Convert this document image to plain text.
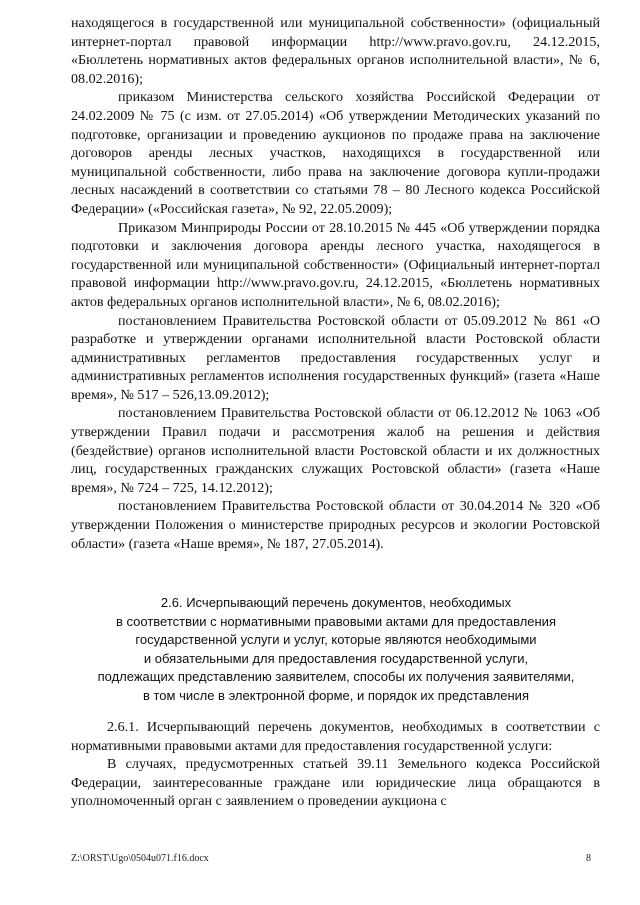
находящегося в государственной или муниципальной собственности» (официальный интернет-портал правовой информации http://www.pravo.gov.ru, 24.12.2015, «Бюллетень нормативных актов федеральных органов исполнительной власти», № 6, 08.02.2016);

приказом Министерства сельского хозяйства Российской Федерации от 24.02.2009 № 75 (с изм. от 27.05.2014) «Об утверждении Методических указаний по подготовке, организации и проведению аукционов по продаже права на заключение договоров аренды лесных участков, находящихся в государственной или муниципальной собственности, либо права на заключение договора купли-продажи лесных насаждений в соответствии со статьями 78 – 80 Лесного кодекса Российской Федерации» («Российская газета», № 92, 22.05.2009);

Приказом Минприроды России от 28.10.2015 № 445 «Об утверждении порядка подготовки и заключения договора аренды лесного участка, находящегося в государственной или муниципальной собственности» (Официальный интернет-портал правовой информации http://www.pravo.gov.ru, 24.12.2015, «Бюллетень нормативных актов федеральных органов исполнительной власти», № 6, 08.02.2016);

постановлением Правительства Ростовской области от 05.09.2012 № 861 «О разработке и утверждении органами исполнительной власти Ростовской области административных регламентов предоставления государственных услуг и административных регламентов исполнения государственных функций» (газета «Наше время», № 517 – 526,13.09.2012);

постановлением Правительства Ростовской области от 06.12.2012 № 1063 «Об утверждении Правил подачи и рассмотрения жалоб на решения и действия (бездействие) органов исполнительной власти Ростовской области и их должностных лиц, государственных гражданских служащих Ростовской области» (газета «Наше время», № 724 – 725, 14.12.2012);

постановлением Правительства Ростовской области от 30.04.2014 № 320 «Об утверждении Положения о министерстве природных ресурсов и экологии Ростовской области» (газета «Наше время», № 187, 27.05.2014).

2.6. Исчерпывающий перечень документов, необходимых
в соответствии с нормативными правовыми актами для предоставления
государственной услуги и услуг, которые являются необходимыми
и обязательными для предоставления государственной услуги,
подлежащих представлению заявителем, способы их получения заявителями,
в том числе в электронной форме, и порядок их представления

2.6.1. Исчерпывающий перечень документов, необходимых в соответствии с нормативными правовыми актами для предоставления государственной услуги:

В случаях, предусмотренных статьей 39.11 Земельного кодекса Российской Федерации, заинтересованные граждане или юридические лица обращаются в уполномоченный орган с заявлением о проведении аукциона с

Z:\ORST\Ugo\0504u071.f16.docx	8
